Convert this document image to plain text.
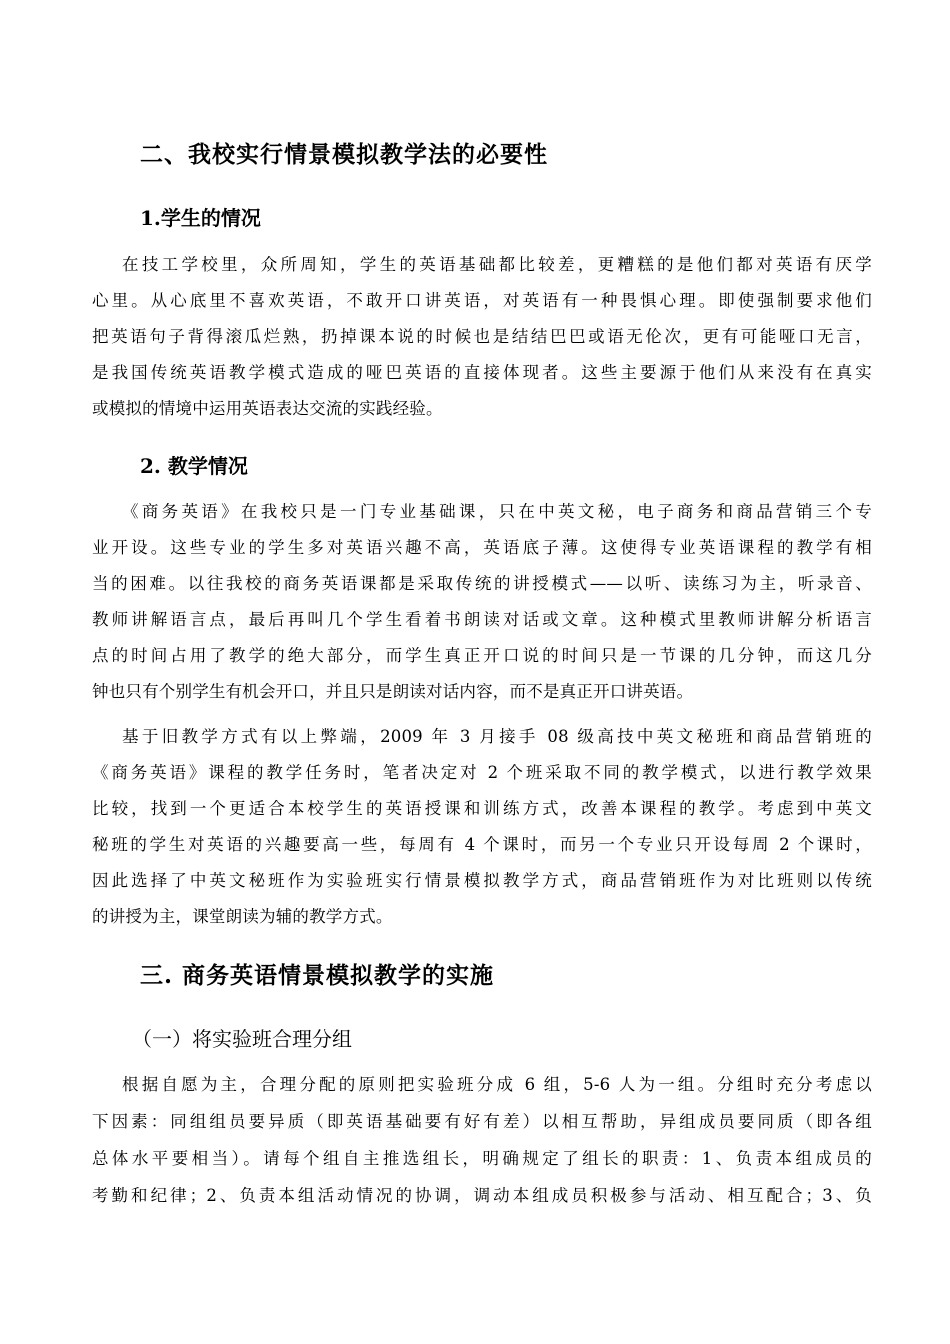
二、我校实行情景模拟教学法的必要性
1.学生的情况
在技工学校里，众所周知，学生的英语基础都比较差，更糟糕的是他们都对英语有厌学
心里。从心底里不喜欢英语，不敢开口讲英语，对英语有一种畏惧心理。即使强制要求他们
把英语句子背得滚瓜烂熟，扔掉课本说的时候也是结结巴巴或语无伦次，更有可能哑口无言，
是我国传统英语教学模式造成的哑巴英语的直接体现者。这些主要源于他们从来没有在真实
或模拟的情境中运用英语表达交流的实践经验。
2. 教学情况
《商务英语》在我校只是一门专业基础课，只在中英文秘，电子商务和商品营销三个专
业开设。这些专业的学生多对英语兴趣不高，英语底子薄。这使得专业英语课程的教学有相
当的困难。以往我校的商务英语课都是采取传统的讲授模式——以听、读练习为主，听录音、
教师讲解语言点，最后再叫几个学生看着书朗读对话或文章。这种模式里教师讲解分析语言
点的时间占用了教学的绝大部分，而学生真正开口说的时间只是一节课的几分钟，而这几分
钟也只有个别学生有机会开口，并且只是朗读对话内容，而不是真正开口讲英语。
基于旧教学方式有以上弊端，2009 年 3 月接手 08 级高技中英文秘班和商品营销班的
《商务英语》课程的教学任务时，笔者决定对 2 个班采取不同的教学模式，以进行教学效果
比较，找到一个更适合本校学生的英语授课和训练方式，改善本课程的教学。考虑到中英文
秘班的学生对英语的兴趣要高一些，每周有 4 个课时，而另一个专业只开设每周 2 个课时，
因此选择了中英文秘班作为实验班实行情景模拟教学方式，商品营销班作为对比班则以传统
的讲授为主，课堂朗读为辅的教学方式。
三. 商务英语情景模拟教学的实施
（一）将实验班合理分组
根据自愿为主，合理分配的原则把实验班分成 6 组，5-6 人为一组。分组时充分考虑以
下因素：同组组员要异质（即英语基础要有好有差）以相互帮助，异组成员要同质（即各组
总体水平要相当）。请每个组自主推选组长，明确规定了组长的职责：1、负责本组成员的
考勤和纪律；2、负责本组活动情况的协调，调动本组成员积极参与活动、相互配合；3、负
